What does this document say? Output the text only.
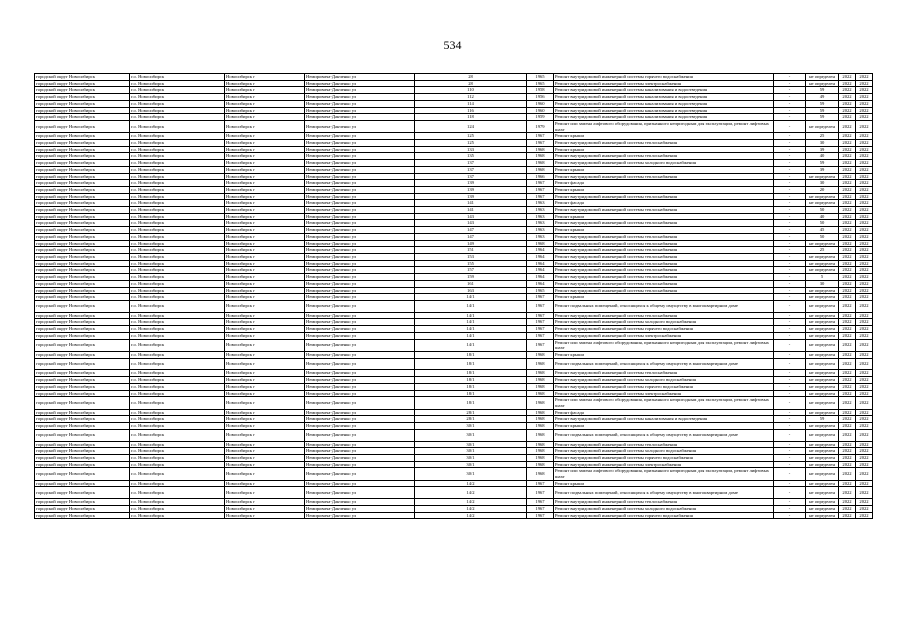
534
городской округ Новосибирск	г.о. Новосибирск	Новосибирск г	Немировича-Данченко ул	28	1965	Ремонт внутридомовой инженерной системы горячего водоснабжения	-	не определен	2022	2022
городской округ Новосибирск	г.о. Новосибирск	Новосибирск г	Немировича-Данченко ул	28	1965	Ремонт внутридомовой инженерной системы электроснабжения	-	не определен	2022	2022
городской округ Новосибирск	г.о. Новосибирск	Новосибирск г	Немировича-Данченко ул	110	1958	Ремонт внутридомовой инженерной системы канализования и водоотведения	-	59	2022	2022
городской округ Новосибирск	г.о. Новосибирск	Новосибирск г	Немировича-Данченко ул	112	1956	Ремонт внутридомовой инженерной системы канализования и водоотведения	-	49	2022	2022
городской округ Новосибирск	г.о. Новосибирск	Новосибирск г	Немировича-Данченко ул	114	1960	Ремонт внутридомовой инженерной системы канализования и водоотведения	-	59	2022	2022
городской округ Новосибирск	г.о. Новосибирск	Новосибирск г	Немировича-Данченко ул	116	1960	Ремонт внутридомовой инженерной системы канализования и водоотведения	-	59	2022	2022
городской округ Новосибирск	г.о. Новосибирск	Новосибирск г	Немировича-Данченко ул	118	1959	Ремонт внутридомовой инженерной системы канализования и водоотведения	-	59	2022	2022
городской округ Новосибирск	г.о. Новосибирск	Новосибирск г	Немировича-Данченко ул	124	1979	Ремонт или замена лифтового оборудования, признанного непригодным для эксплуатации, ремонт лифтовых шахт	-	не определен	2022	2022
городской округ Новосибирск	г.о. Новосибирск	Новосибирск г	Немировича-Данченко ул	125	1967	Ремонт крыши	-	25	2022	2022
городской округ Новосибирск	г.о. Новосибирск	Новосибирск г	Немировича-Данченко ул	125	1967	Ремонт внутридомовой инженерной системы теплоснабжения	-	30	2022	2022
городской округ Новосибирск	г.о. Новосибирск	Новосибирск г	Немировича-Данченко ул	133	1968	Ремонт крыши	-	39	2022	2022
городской округ Новосибирск	г.о. Новосибирск	Новосибирск г	Немировича-Данченко ул	135	1968	Ремонт внутридомовой инженерной системы теплоснабжения	-	40	2022	2022
городской округ Новосибирск	г.о. Новосибирск	Новосибирск г	Немировича-Данченко ул	137	1968	Ремонт внутридомовой инженерной системы холодного водоснабжения	-	59	2022	2022
городской округ Новосибирск	г.о. Новосибирск	Новосибирск г	Немировича-Данченко ул	137	1968	Ремонт крыши	-	39	2022	2022
городской округ Новосибирск	г.о. Новосибирск	Новосибирск г	Немировича-Данченко ул	137	1966	Ремонт внутридомовой инженерной системы теплоснабжения	-	не определен	2022	2022
городской округ Новосибирск	г.о. Новосибирск	Новосибирск г	Немировича-Данченко ул	139	1967	Ремонт фасада	-	30	2022	2022
городской округ Новосибирск	г.о. Новосибирск	Новосибирск г	Немировича-Данченко ул	139	1967	Ремонт крыши	-	20	2022	2022
городской округ Новосибирск	г.о. Новосибирск	Новосибирск г	Немировича-Данченко ул	139	1967	Ремонт внутридомовой инженерной системы теплоснабжения	-	не определен	2022	2022
городской округ Новосибирск	г.о. Новосибирск	Новосибирск г	Немировича-Данченко ул	141	1963	Ремонт фасада	-	не определен	2022	2022
городской округ Новосибирск	г.о. Новосибирск	Новосибирск г	Немировича-Данченко ул	141	1963	Ремонт внутридомовой инженерной системы теплоснабжения	-	50	2022	2022
городской округ Новосибирск	г.о. Новосибирск	Новосибирск г	Немировича-Данченко ул	143	1963	Ремонт крыши	-	40	2022	2022
городской округ Новосибирск	г.о. Новосибирск	Новосибирск г	Немировича-Данченко ул	143	1963	Ремонт внутридомовой инженерной системы теплоснабжения	-	50	2022	2022
городской округ Новосибирск	г.о. Новосибирск	Новосибирск г	Немировича-Данченко ул	147	1963	Ремонт крыши	-	45	2022	2022
городской округ Новосибирск	г.о. Новосибирск	Новосибирск г	Немировича-Данченко ул	147	1963	Ремонт внутридомовой инженерной системы теплоснабжения	-	50	2022	2022
городской округ Новосибирск	г.о. Новосибирск	Новосибирск г	Немировича-Данченко ул	149	1968	Ремонт внутридомовой инженерной системы теплоснабжения	-	не определен	2022	2022
городской округ Новосибирск	г.о. Новосибирск	Новосибирск г	Немировича-Данченко ул	151	1964	Ремонт внутридомовой инженерной системы теплоснабжения	-	25	2022	2022
городской округ Новосибирск	г.о. Новосибирск	Новосибирск г	Немировича-Данченко ул	153	1964	Ремонт внутридомовой инженерной системы теплоснабжения	-	не определен	2022	2022
городской округ Новосибирск	г.о. Новосибирск	Новосибирск г	Немировича-Данченко ул	155	1964	Ремонт внутридомовой инженерной системы теплоснабжения	-	не определен	2022	2022
городской округ Новосибирск	г.о. Новосибирск	Новосибирск г	Немировича-Данченко ул	157	1964	Ремонт внутридомовой инженерной системы теплоснабжения	-	не определен	2022	2022
городской округ Новосибирск	г.о. Новосибирск	Новосибирск г	Немировича-Данченко ул	159	1964	Ремонт внутридомовой инженерной системы теплоснабжения	-	5	2022	2022
городской округ Новосибирск	г.о. Новосибирск	Новосибирск г	Немировича-Данченко ул	161	1964	Ремонт внутридомовой инженерной системы теплоснабжения	-	30	2022	2022
городской округ Новосибирск	г.о. Новосибирск	Новосибирск г	Немировича-Данченко ул	163	1965	Ремонт внутридомовой инженерной системы теплоснабжения	-	не определен	2022	2022
городской округ Новосибирск	г.о. Новосибирск	Новосибирск г	Немировича-Данченко ул	14/1	1967	Ремонт крыши	-	не определен	2022	2022
городской округ Новосибирск	г.о. Новосибирск	Новосибирск г	Немировича-Данченко ул	14/1	1967	Ремонт подвальных помещений, относящихся к общему имуществу в многоквартирном доме	-	не определен	2022	2022
городской округ Новосибирск	г.о. Новосибирск	Новосибирск г	Немировича-Данченко ул	14/1	1967	Ремонт внутридомовой инженерной системы теплоснабжения	-	не определен	2022	2022
городской округ Новосибирск	г.о. Новосибирск	Новосибирск г	Немировича-Данченко ул	14/1	1967	Ремонт внутридомовой инженерной системы холодного водоснабжения	-	не определен	2022	2022
городской округ Новосибирск	г.о. Новосибирск	Новосибирск г	Немировича-Данченко ул	14/1	1967	Ремонт внутридомовой инженерной системы горячего водоснабжения	-	не определен	2022	2022
городской округ Новосибирск	г.о. Новосибирск	Новосибирск г	Немировича-Данченко ул	14/1	1967	Ремонт внутридомовой инженерной системы электроснабжения	-	не определен	2022	2022
городской округ Новосибирск	г.о. Новосибирск	Новосибирск г	Немировича-Данченко ул	14/1	1967	Ремонт или замена лифтового оборудования, признанного непригодным для эксплуатации, ремонт лифтовых шахт	-	не определен	2022	2022
городской округ Новосибирск	г.о. Новосибирск	Новосибирск г	Немировича-Данченко ул	18/1	1968	Ремонт крыши	-	не определен	2022	2022
городской округ Новосибирск	г.о. Новосибирск	Новосибирск г	Немировича-Данченко ул	18/1	1968	Ремонт подвальных помещений, относящихся к общему имуществу в многоквартирном доме	-	не определен	2022	2022
городской округ Новосибирск	г.о. Новосибирск	Новосибирск г	Немировича-Данченко ул	18/1	1968	Ремонт внутридомовой инженерной системы теплоснабжения	-	не определен	2022	2022
городской округ Новосибирск	г.о. Новосибирск	Новосибирск г	Немировича-Данченко ул	18/1	1968	Ремонт внутридомовой инженерной системы холодного водоснабжения	-	не определен	2022	2022
городской округ Новосибирск	г.о. Новосибирск	Новосибирск г	Немировича-Данченко ул	18/1	1968	Ремонт внутридомовой инженерной системы горячего водоснабжения	-	не определен	2022	2022
городской округ Новосибирск	г.о. Новосибирск	Новосибирск г	Немировича-Данченко ул	18/1	1968	Ремонт внутридомовой инженерной системы электроснабжения	-	не определен	2022	2022
городской округ Новосибирск	г.о. Новосибирск	Новосибирск г	Немировича-Данченко ул	18/1	1968	Ремонт или замена лифтового оборудования, признанного непригодным для эксплуатации, ремонт лифтовых шахт	-	не определен	2022	2022
городской округ Новосибирск	г.о. Новосибирск	Новосибирск г	Немировича-Данченко ул	28/1	1968	Ремонт фасада	-	не определен	2022	2022
городской округ Новосибирск	г.о. Новосибирск	Новосибирск г	Немировича-Данченко ул	28/1	1968	Ремонт внутридомовой инженерной системы канализования и водоотведения	-	59	2022	2022
городской округ Новосибирск	г.о. Новосибирск	Новосибирск г	Немировича-Данченко ул	30/1	1968	Ремонт крыши	-	не определен	2022	2022
городской округ Новосибирск	г.о. Новосибирск	Новосибирск г	Немировича-Данченко ул	30/1	1968	Ремонт подвальных помещений, относящихся к общему имуществу в многоквартирном доме	-	не определен	2022	2022
городской округ Новосибирск	г.о. Новосибирск	Новосибирск г	Немировича-Данченко ул	30/1	1968	Ремонт внутридомовой инженерной системы теплоснабжения	-	не определен	2022	2022
городской округ Новосибирск	г.о. Новосибирск	Новосибирск г	Немировича-Данченко ул	30/1	1968	Ремонт внутридомовой инженерной системы холодного водоснабжения	-	не определен	2022	2022
городской округ Новосибирск	г.о. Новосибирск	Новосибирск г	Немировича-Данченко ул	30/1	1968	Ремонт внутридомовой инженерной системы горячего водоснабжения	-	не определен	2022	2022
городской округ Новосибирск	г.о. Новосибирск	Новосибирск г	Немировича-Данченко ул	30/1	1968	Ремонт внутридомовой инженерной системы электроснабжения	-	не определен	2022	2022
городской округ Новосибирск	г.о. Новосибирск	Новосибирск г	Немировича-Данченко ул	30/1	1968	Ремонт или замена лифтового оборудования, признанного непригодным для эксплуатации, ремонт лифтовых шахт	-	не определен	2022	2022
городской округ Новосибирск	г.о. Новосибирск	Новосибирск г	Немировича-Данченко ул	14/2	1967	Ремонт крыши	-	не определен	2022	2022
городской округ Новосибирск	г.о. Новосибирск	Новосибирск г	Немировича-Данченко ул	14/2	1967	Ремонт подвальных помещений, относящихся к общему имуществу в многоквартирном доме	-	не определен	2022	2022
городской округ Новосибирск	г.о. Новосибирск	Новосибирск г	Немировича-Данченко ул	14/2	1967	Ремонт внутридомовой инженерной системы теплоснабжения	-	не определен	2022	2022
городской округ Новосибирск	г.о. Новосибирск	Новосибирск г	Немировича-Данченко ул	14/2	1967	Ремонт внутридомовой инженерной системы холодного водоснабжения	-	не определен	2022	2022
городской округ Новосибирск	г.о. Новосибирск	Новосибирск г	Немировича-Данченко ул	14/2	1967	Ремонт внутридомовой инженерной системы горячего водоснабжения	-	не определен	2022	2022
